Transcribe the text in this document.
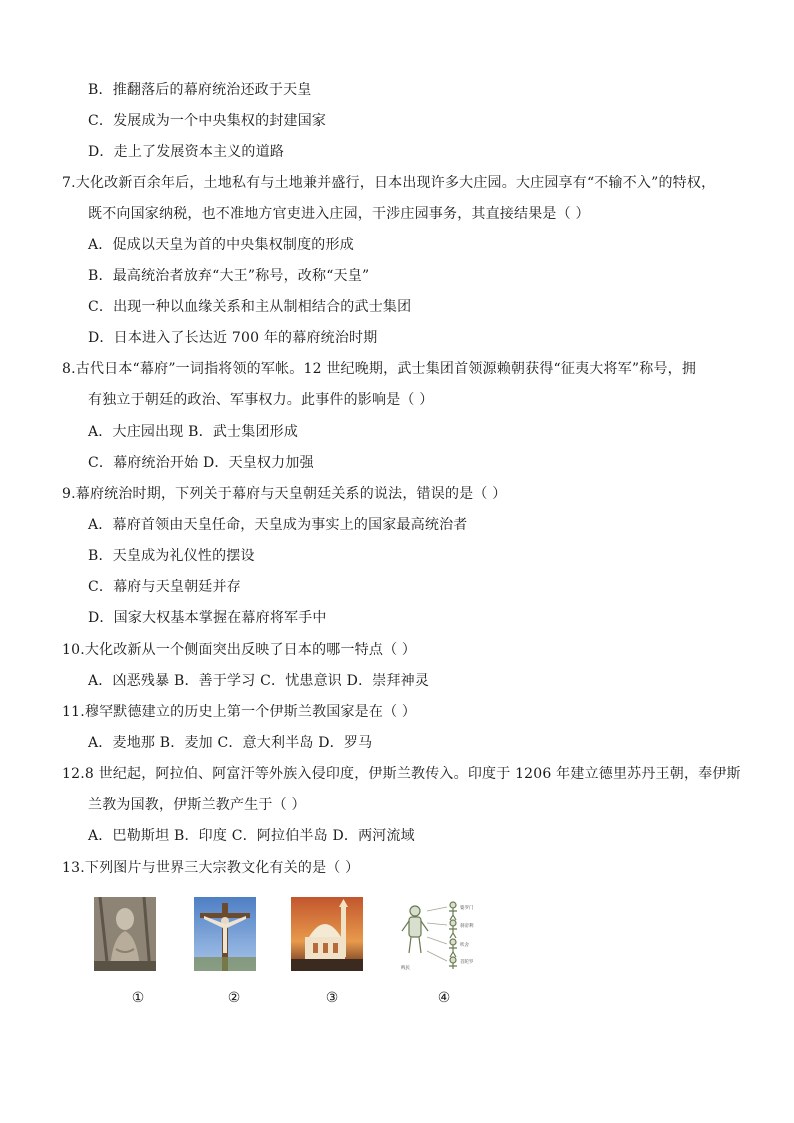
B．推翻落后的幕府统治还政于天皇
C．发展成为一个中央集权的封建国家
D．走上了发展资本主义的道路
7.大化改新百余年后，土地私有与土地兼并盛行，日本出现许多大庄园。大庄园享有“不输不入”的特权，
既不向国家纳税，也不准地方官吏进入庄园，干涉庄园事务，其直接结果是（ ）
A．促成以天皇为首的中央集权制度的形成
B．最高统治者放弃“大王”称号，改称“天皇”
C．出现一种以血缘关系和主从制相结合的武士集团
D．日本进入了长达近 700 年的幕府统治时期
8.古代日本“幕府”一词指将领的军帐。12 世纪晚期，武士集团首领源赖朝获得“征夷大将军”称号，拥
有独立于朝廷的政治、军事权力。此事件的影响是（ ）
A．大庄园出现 B．武士集团形成
C．幕府统治开始 D．天皇权力加强
9.幕府统治时期，下列关于幕府与天皇朝廷关系的说法，错误的是（ ）
A．幕府首领由天皇任命，天皇成为事实上的国家最高统治者
B．天皇成为礼仪性的摆设
C．幕府与天皇朝廷并存
D．国家大权基本掌握在幕府将军手中
10.大化改新从一个侧面突出反映了日本的哪一特点（ ）
A．凶恶残暴 B．善于学习 C．忧患意识 D．崇拜神灵
11.穆罕默德建立的历史上第一个伊斯兰教国家是在（ ）
A．麦地那 B．麦加 C．意大利半岛 D．罗马
12.8 世纪起，阿拉伯、阿富汗等外族入侵印度，伊斯兰教传入。印度于 1206 年建立德里苏丹王朝，奉伊斯
兰教为国教，伊斯兰教产生于（ ）
A．巴勒斯坦 B．印度 C．阿拉伯半岛 D．两河流域
13.下列图片与世界三大宗教文化有关的是（ ）
婆罗门
刹帝利
吠舍
首陀罗
贱民
①	②	③	④
